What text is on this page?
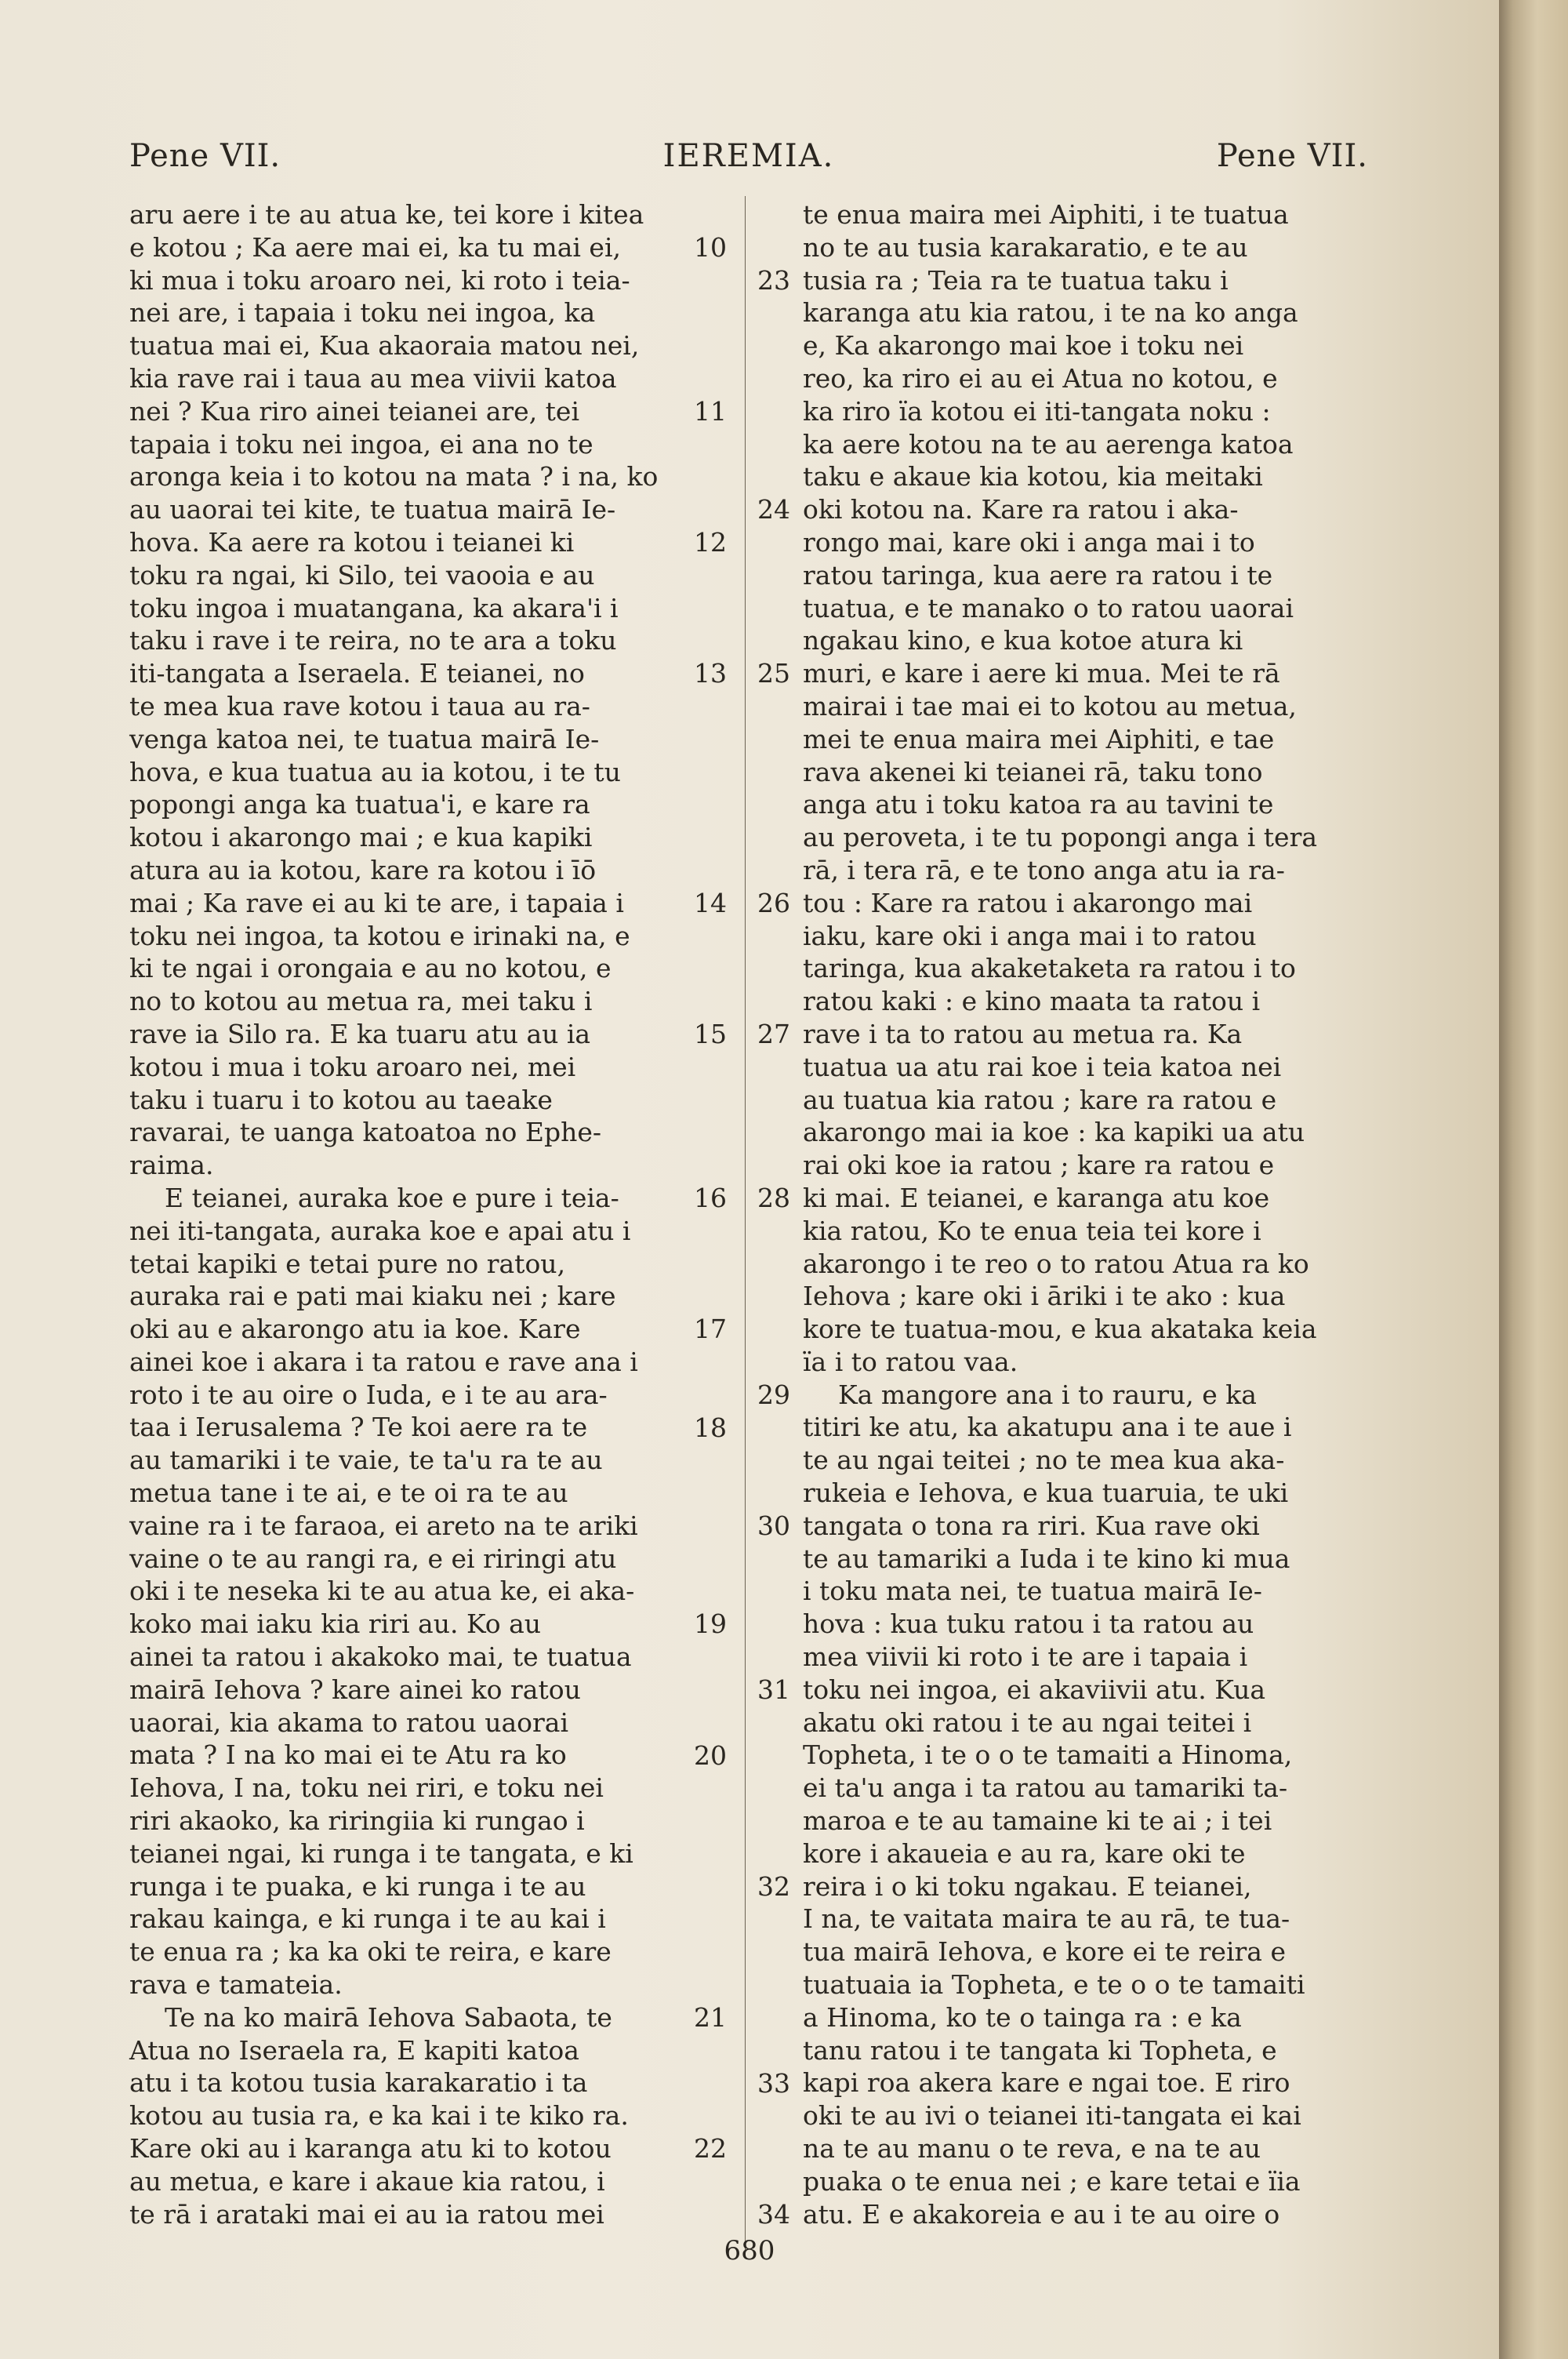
Pene VII.	IEREMIA.	Pene VII.
aru aere i te au atua ke, tei kore i kitea
e kotou ; Ka aere mai ei, ka tu mai ei,
ki mua i toku aroaro nei, ki roto i teia-
nei are, i tapaia i toku nei ingoa, ka
tuatua mai ei, Kua akaoraia matou nei,
kia rave rai i taua au mea viivii katoa
nei ? Kua riro ainei teianei are, tei
tapaia i toku nei ingoa, ei ana no te
aronga keia i to kotou na mata ? i na, ko
au uaorai tei kite, te tuatua mairā Ie-
hova. Ka aere ra kotou i teianei ki
toku ra ngai, ki Silo, tei vaooia e au
toku ingoa i muatangana, ka akara'i i
taku i rave i te reira, no te ara a toku
iti-tangata a Iseraela. E teianei, no
te mea kua rave kotou i taua au ra-
venga katoa nei, te tuatua mairā Ie-
hova, e kua tuatua au ia kotou, i te tu
popongi anga ka tuatua'i, e kare ra
kotou i akarongo mai ; e kua kapiki
atura au ia kotou, kare ra kotou i īō
mai ; Ka rave ei au ki te are, i tapaia i
toku nei ingoa, ta kotou e irinaki na, e
ki te ngai i orongaia e au no kotou, e
no to kotou au metua ra, mei taku i
rave ia Silo ra. E ka tuaru atu au ia
kotou i mua i toku aroaro nei, mei
taku i tuaru i to kotou au taeake
ravarai, te uanga katoatoa no Ephe-
raima.
E teianei, auraka koe e pure i teia-
nei iti-tangata, auraka koe e apai atu i
tetai kapiki e tetai pure no ratou,
auraka rai e pati mai kiaku nei ; kare
oki au e akarongo atu ia koe. Kare
ainei koe i akara i ta ratou e rave ana i
roto i te au oire o Iuda, e i te au ara-
taa i Ierusalema ? Te koi aere ra te
au tamariki i te vaie, te ta'u ra te au
metua tane i te ai, e te oi ra te au
vaine ra i te faraoa, ei areto na te ariki
vaine o te au rangi ra, e ei riringi atu
oki i te neseka ki te au atua ke, ei aka-
koko mai iaku kia riri au. Ko au
ainei ta ratou i akakoko mai, te tuatua
mairā Iehova ? kare ainei ko ratou
uaorai, kia akama to ratou uaorai
mata ? I na ko mai ei te Atu ra ko
Iehova, I na, toku nei riri, e toku nei
riri akaoko, ka riringiia ki rungao i
teianei ngai, ki runga i te tangata, e ki
runga i te puaka, e ki runga i te au
rakau kainga, e ki runga i te au kai i
te enua ra ; ka ka oki te reira, e kare
rava e tamateia.
Te na ko mairā Iehova Sabaota, te
Atua no Iseraela ra, E kapiti katoa
atu i ta kotou tusia karakaratio i ta
kotou au tusia ra, e ka kai i te kiko ra.
Kare oki au i karanga atu ki to kotou
au metua, e kare i akaue kia ratou, i
te rā i arataki mai ei au ia ratou mei
10
11
12
13
14
15
16
17
18
19
20
21
22
te enua maira mei Aiphiti, i te tuatua
no te au tusia karakaratio, e te au
tusia ra ; Teia ra te tuatua taku i
karanga atu kia ratou, i te na ko anga
e, Ka akarongo mai koe i toku nei
reo, ka riro ei au ei Atua no kotou, e
ka riro ïa kotou ei iti-tangata noku :
ka aere kotou na te au aerenga katoa
taku e akaue kia kotou, kia meitaki
oki kotou na. Kare ra ratou i aka-
rongo mai, kare oki i anga mai i to
ratou taringa, kua aere ra ratou i te
tuatua, e te manako o to ratou uaorai
ngakau kino, e kua kotoe atura ki
muri, e kare i aere ki mua. Mei te rā
mairai i tae mai ei to kotou au metua,
mei te enua maira mei Aiphiti, e tae
rava akenei ki teianei rā, taku tono
anga atu i toku katoa ra au tavini te
au peroveta, i te tu popongi anga i tera
rā, i tera rā, e te tono anga atu ia ra-
tou : Kare ra ratou i akarongo mai
iaku, kare oki i anga mai i to ratou
taringa, kua akaketaketa ra ratou i to
ratou kaki : e kino maata ta ratou i
rave i ta to ratou au metua ra. Ka
tuatua ua atu rai koe i teia katoa nei
au tuatua kia ratou ; kare ra ratou e
akarongo mai ia koe : ka kapiki ua atu
rai oki koe ia ratou ; kare ra ratou e
ki mai. E teianei, e karanga atu koe
kia ratou, Ko te enua teia tei kore i
akarongo i te reo o to ratou Atua ra ko
Iehova ; kare oki i āriki i te ako : kua
kore te tuatua-mou, e kua akataka keia
ïa i to ratou vaa.
Ka mangore ana i to rauru, e ka
titiri ke atu, ka akatupu ana i te aue i
te au ngai teitei ; no te mea kua aka-
rukeia e Iehova, e kua tuaruia, te uki
tangata o tona ra riri. Kua rave oki
te au tamariki a Iuda i te kino ki mua
i toku mata nei, te tuatua mairā Ie-
hova : kua tuku ratou i ta ratou au
mea viivii ki roto i te are i tapaia i
toku nei ingoa, ei akaviivii atu. Kua
akatu oki ratou i te au ngai teitei i
Topheta, i te o o te tamaiti a Hinoma,
ei ta'u anga i ta ratou au tamariki ta-
maroa e te au tamaine ki te ai ; i tei
kore i akaueia e au ra, kare oki te
reira i o ki toku ngakau. E teianei,
I na, te vaitata maira te au rā, te tua-
tua mairā Iehova, e kore ei te reira e
tuatuaia ia Topheta, e te o o te tamaiti
a Hinoma, ko te o tainga ra : e ka
tanu ratou i te tangata ki Topheta, e
kapi roa akera kare e ngai toe. E riro
oki te au ivi o teianei iti-tangata ei kai
na te au manu o te reva, e na te au
puaka o te enua nei ; e kare tetai e ïia
atu. E e akakoreia e au i te au oire o
23
24
25
26
27
28
29
30
31
32
33
34
680
